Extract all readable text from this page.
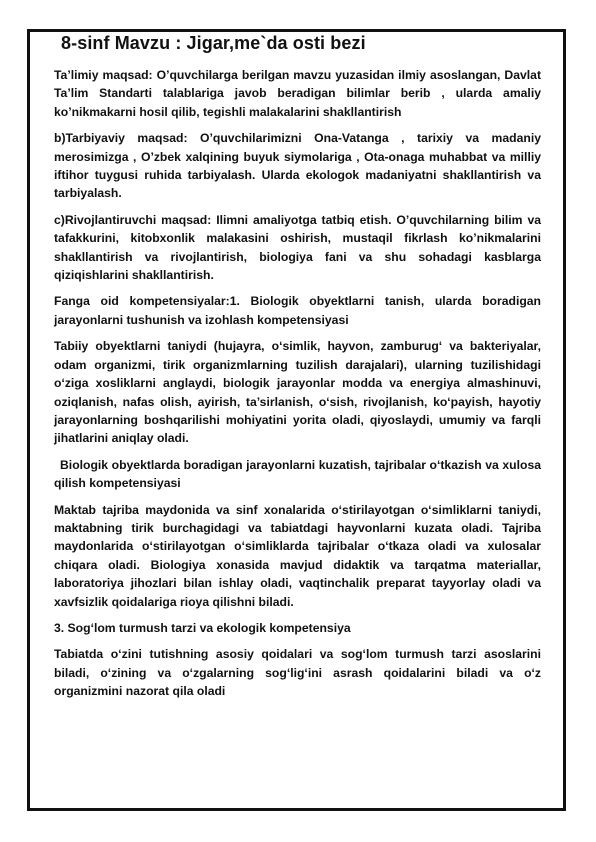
8-sinf Mavzu : Jigar,me`da osti bezi

Ta’limiy maqsad: O’quvchilarga berilgan mavzu yuzasidan ilmiy asoslangan, Davlat Ta’lim Standarti talablariga javob beradigan bilimlar berib , ularda amaliy ko’nikmakarni hosil qilib, tegishli malakalarini shakllantirish

b)Tarbiyaviy maqsad: O’quvchilarimizni Ona-Vatanga , tarixiy va madaniy merosimizga , O’zbek xalqining buyuk siymolariga , Ota-onaga muhabbat va milliy iftihor tuygusi ruhida tarbiyalash. Ularda ekologok madaniyatni shakllantirish va tarbiyalash.

c)Rivojlantiruvchi maqsad: Ilimni amaliyotga tatbiq etish. O’quvchilarning bilim va tafakkurini, kitobxonlik malakasini oshirish, mustaqil fikrlash ko’nikmalarini shakllantirish va rivojlantirish, biologiya fani va shu sohadagi kasblarga qiziqishlarini shakllantirish.

Fanga oid kompetensiyalar:1. Biologik obyektlarni tanish, ularda boradigan jarayonlarni tushunish va izohlash kompetensiyasi

Tabiiy obyektlarni taniydi (hujayra, o‘simlik, hayvon, zamburug‘ va bakteriyalar, odam organizmi, tirik organizmlarning tuzilish darajalari), ularning tuzilishidagi o‘ziga xosliklarni anglaydi, biologik jarayonlar modda va energiya almashinuvi, oziqlanish, nafas olish, ayirish, ta’sirlanish, o‘sish, rivojlanish, ko‘payish, hayotiy jarayonlarning boshqarilishi mohiyatini yorita oladi, qiyoslaydi, umumiy va farqli jihatlarini aniqlay oladi.

Biologik obyektlarda boradigan jarayonlarni kuzatish, tajribalar o‘tkazish va xulosa qilish kompetensiyasi

Maktab tajriba maydonida va sinf xonalarida o‘stirilayotgan o‘simliklarni taniydi, maktabning tirik burchagidagi va tabiatdagi hayvonlarni kuzata oladi. Tajriba maydonlarida o‘stirilayotgan o‘simliklarda tajribalar o‘tkaza oladi va xulosalar chiqara oladi. Biologiya xonasida mavjud didaktik va tarqatma materiallar, laboratoriya jihozlari bilan ishlay oladi, vaqtinchalik preparat tayyorlay oladi va xavfsizlik qoidalariga rioya qilishni biladi.

3. Sog‘lom turmush tarzi va ekologik kompetensiya

Tabiatda o‘zini tutishning asosiy qoidalari va sog‘lom turmush tarzi asoslarini biladi, o‘zining va o‘zgalarning sog‘lig‘ini asrash qoidalarini biladi va o‘z organizmini nazorat qila oladi
